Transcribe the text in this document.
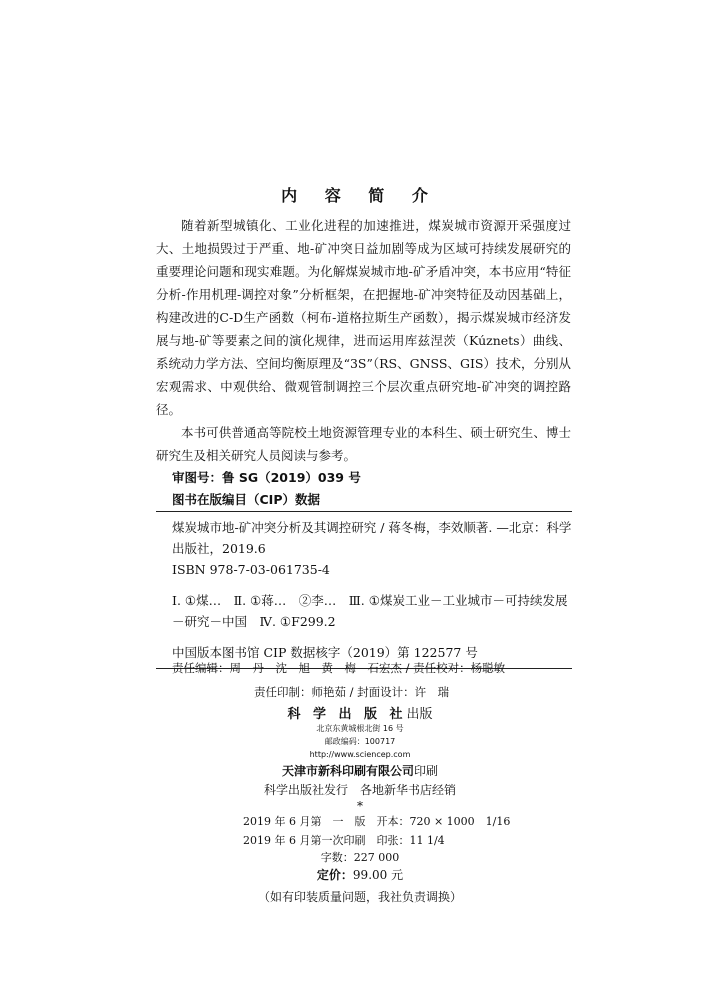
内 容 简 介

随着新型城镇化、工业化进程的加速推进，煤炭城市资源开采强度过大、土地损毁过于严重、地-矿冲突日益加剧等成为区域可持续发展研究的重要理论问题和现实难题。为化解煤炭城市地-矿矛盾冲突，本书应用“特征分析-作用机理-调控对象”分析框架，在把握地-矿冲突特征及动因基础上，构建改进的C-D生产函数（柯布-道格拉斯生产函数），揭示煤炭城市经济发展与地-矿等要素之间的演化规律，进而运用库兹涅茨（Kúznets）曲线、系统动力学方法、空间均衡原理及“3S”（RS、GNSS、GIS）技术，分别从宏观需求、中观供给、微观管制调控三个层次重点研究地-矿冲突的调控路径。

本书可供普通高等院校土地资源管理专业的本科生、硕士研究生、博士研究生及相关研究人员阅读与参考。

审图号：鲁 SG（2019）039 号
图书在版编目（CIP）数据
煤炭城市地-矿冲突分析及其调控研究 / 蒋冬梅，李效顺著. —北京：科学出版社，2019.6
ISBN 978-7-03-061735-4
Ⅰ. ①煤…　Ⅱ. ①蒋…　②李…　Ⅲ. ①煤炭工业－工业城市－可持续发展－研究－中国　Ⅳ. ①F299.2
中国版本图书馆 CIP 数据核字（2019）第 122577 号
责任编辑：周　丹　沈　旭　黄　梅　石宏杰 / 责任校对：杨聪敏
责任印制：师艳茹 / 封面设计：许　瑞
科 学 出 版 社出版
北京东黄城根北街 16 号
邮政编码：100717
http://www.sciencep.com
天津市新科印刷有限公司印刷
科学出版社发行　各地新华书店经销
*
2019 年 6 月第　一　版　开本：720 × 1000　1/16
2019 年 6 月第一次印刷　印张：11 1/4
字数：227 000
定价：99.00 元
（如有印装质量问题，我社负责调换）
